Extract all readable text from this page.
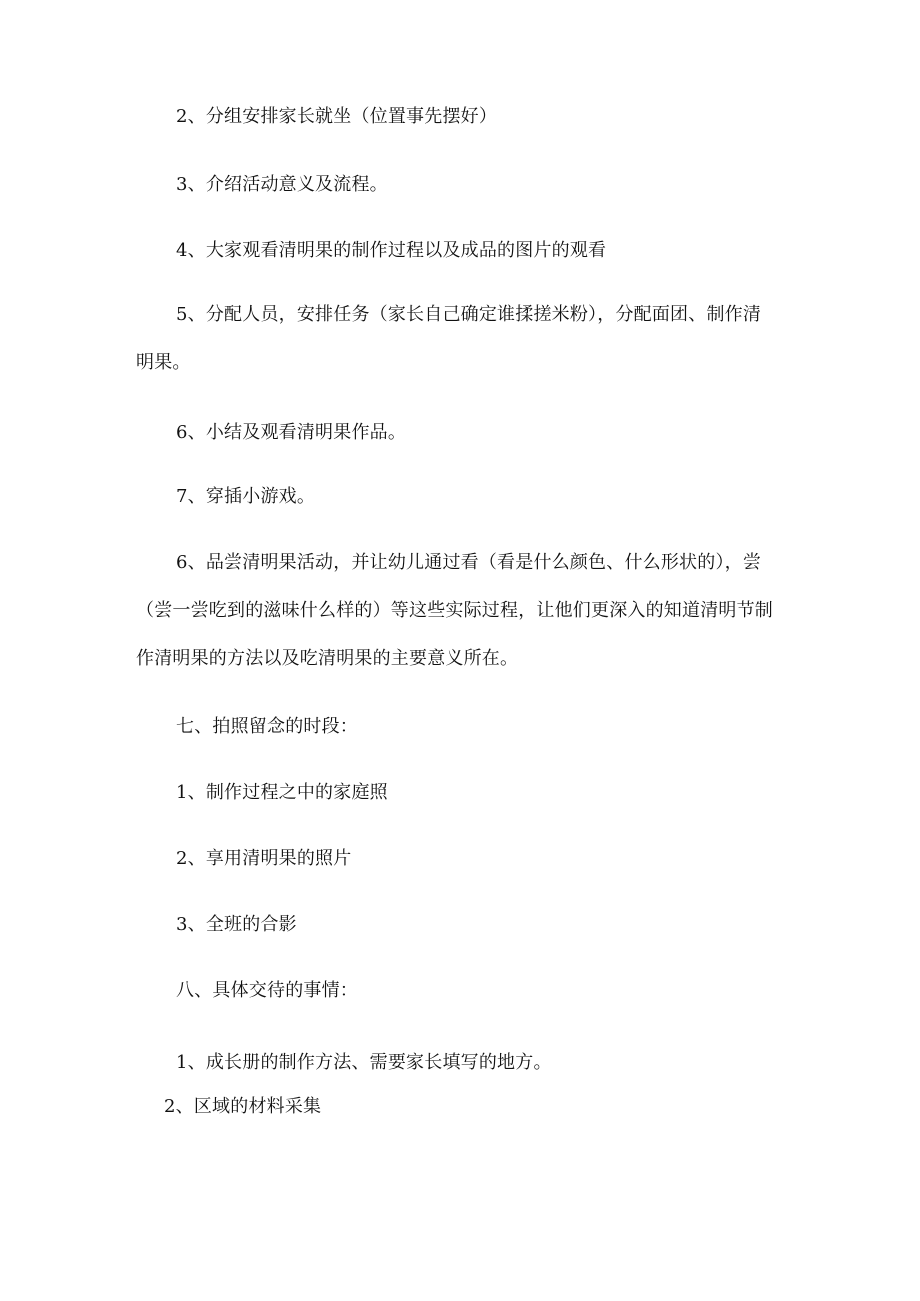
2、分组安排家长就坐（位置事先摆好）
3、介绍活动意义及流程。
4、大家观看清明果的制作过程以及成品的图片的观看
5、分配人员，安排任务（家长自己确定谁揉搓米粉），分配面团、制作清
明果。
6、小结及观看清明果作品。
7、穿插小游戏。
6、品尝清明果活动，并让幼儿通过看（看是什么颜色、什么形状的），尝
（尝一尝吃到的滋味什么样的）等这些实际过程，让他们更深入的知道清明节制
作清明果的方法以及吃清明果的主要意义所在。
七、拍照留念的时段：
1、制作过程之中的家庭照
2、享用清明果的照片
3、全班的合影
八、具体交待的事情：
1、成长册的制作方法、需要家长填写的地方。
2、区域的材料采集
